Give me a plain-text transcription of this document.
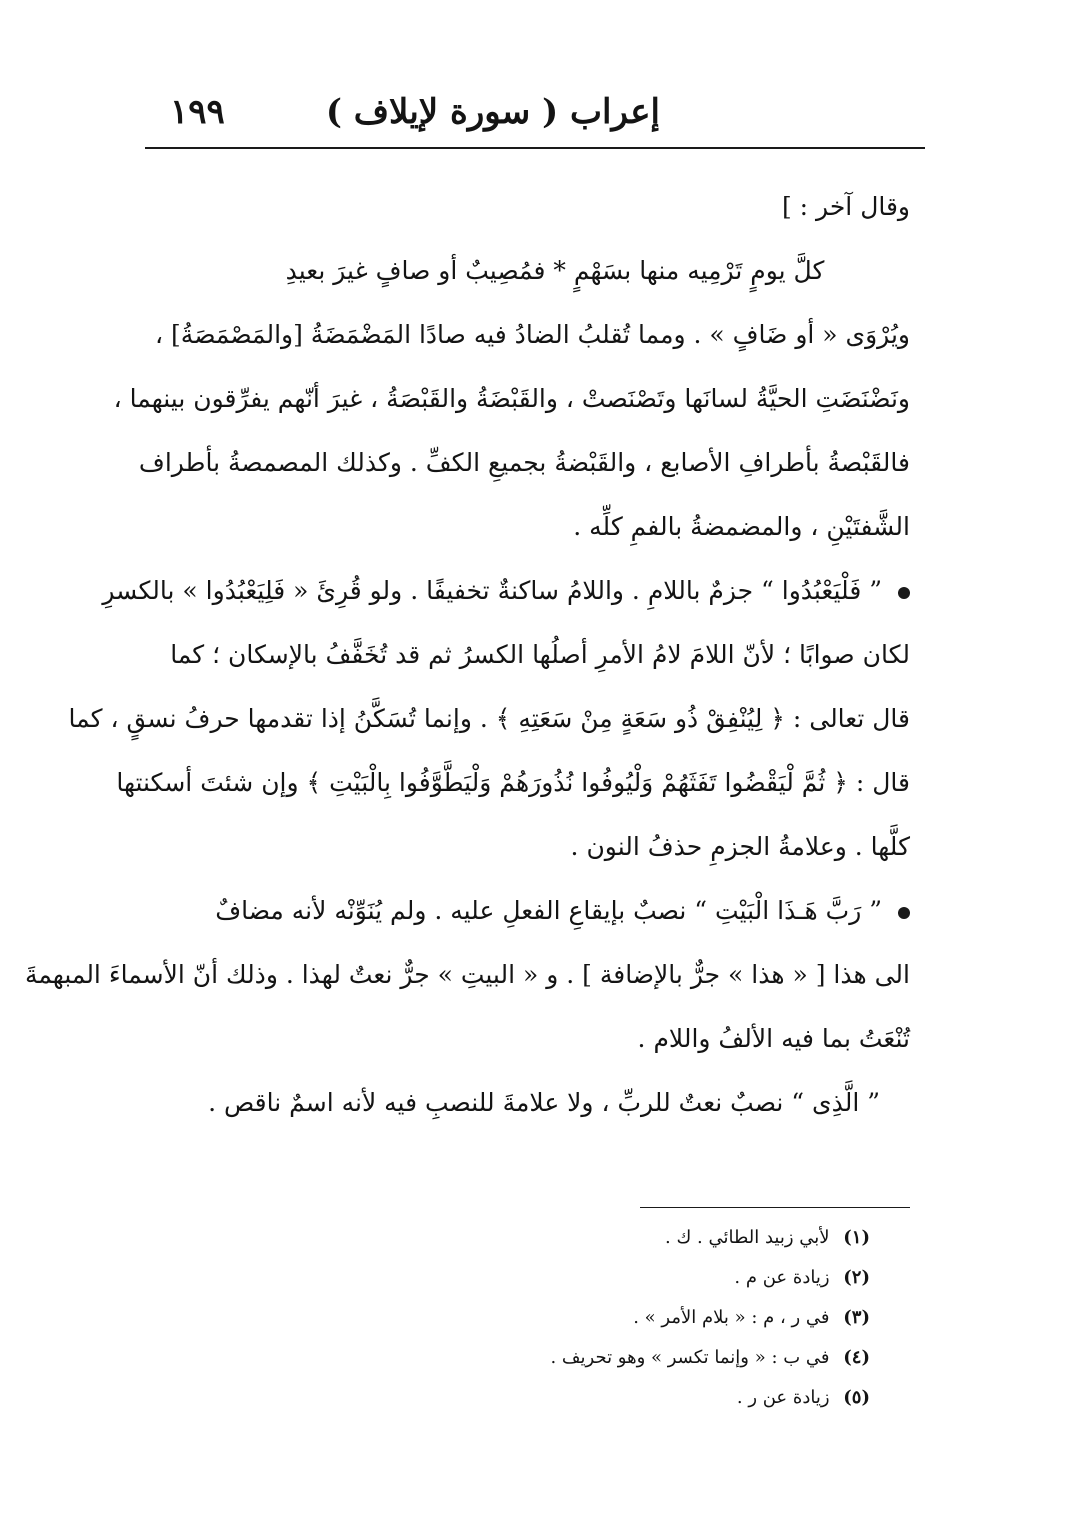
إعراب ( سورة لإيلاف )
١٩٩
وقال آخر : ]
كلَّ يومٍ تَرْمِيه منها بسَهْمٍ * فمُصِيبٌ أو صافٍ غيرَ بعيدِ
ويُرْوَى « أو ضَافٍ » . ومما تُقلبُ الضادُ فيه صادًا المَضْمَضَةُ [والمَصْمَصَةُ] ،
ونَضْنَضَتِ الحيَّةُ لسانَها وتَصْنَصتْ ، والقَبْضَةُ والقَبْصَةُ ، غيرَ أنّهم يفرِّقون بينهما ،
فالقَبْصةُ بأطرافِ الأصابع ، والقَبْضةُ بجميعِ الكفِّ . وكذلك المصمصةُ بأطراف
الشَّفتَيْنِ ، والمضمضةُ بالفمِ كلِّه .
” فَلْيَعْبُدُوا “ جزمٌ باللامِ . واللامُ ساكنةٌ تخفيفًا . ولو قُرِئَ « فَلِيَعْبُدُوا » بالكسرِ
لكان صوابًا ؛ لأنّ اللامَ لامُ الأمرِ أصلُها الكسرُ ثم قد تُخَفَّفُ بالإسكان ؛ كما
قال تعالى : ﴿ لِيُنْفِقْ ذُو سَعَةٍ مِنْ سَعَتِهِ ﴾ . وإنما تُسَكَّنُ إذا تقدمها حرفُ نسقٍ ، كما
قال : ﴿ ثُمَّ لْيَقْضُوا تَفَثَهُمْ وَلْيُوفُوا نُذُورَهُمْ وَلْيَطَّوَّفُوا بِالْبَيْتِ ﴾ وإن شئتَ أسكنتها
كلَّها . وعلامةُ الجزمِ حذفُ النون .
” رَبَّ هَـذَا الْبَيْتِ “ نصبٌ بإيقاعِ الفعلِ عليه . ولم يُنَوِّنْه لأنه مضافٌ
الى هذا [ « هذا » جرٌّ بالإضافة ] . و « البيتِ » جرٌّ نعتٌ لهذا . وذلك أنّ الأسماءَ المبهمةَ
تُنْعَتُ بما فيه الألفُ واللام .
” الَّذِى “ نصبٌ نعتٌ للربِّ ، ولا علامةَ للنصبِ فيه لأنه اسمٌ ناقص .
(١) لأبي زبيد الطائي . ك .
(٢) زيادة عن م .
(٣) في ر ، م : « بلام الأمر » .
(٤) في ب : « وإنما تكسر » وهو تحريف .
(٥) زيادة عن ر .
